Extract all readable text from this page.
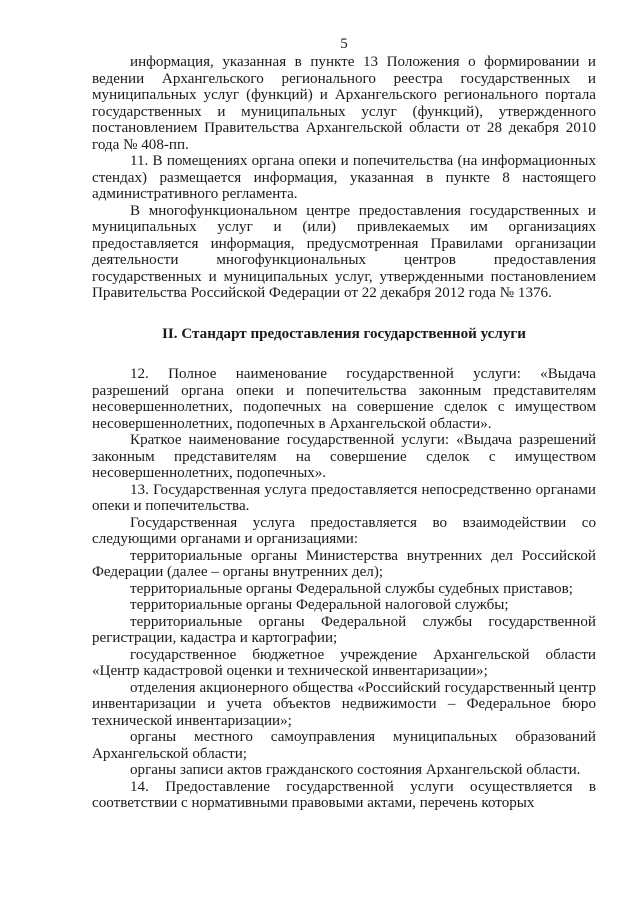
5

информация, указанная в пункте 13 Положения о формировании и ведении Архангельского регионального реестра государственных и муниципальных услуг (функций) и Архангельского регионального портала государственных и муниципальных услуг (функций), утвержденного постановлением Правительства Архангельской области от 28 декабря 2010 года № 408-пп.

11. В помещениях органа опеки и попечительства (на информационных стендах) размещается информация, указанная в пункте 8 настоящего административного регламента.

В многофункциональном центре предоставления государственных и муниципальных услуг и (или) привлекаемых им организациях предоставляется информация, предусмотренная Правилами организации деятельности многофункциональных центров предоставления государственных и муниципальных услуг, утвержденными постановлением Правительства Российской Федерации от 22 декабря 2012 года № 1376.

II. Стандарт предоставления государственной услуги

12. Полное наименование государственной услуги: «Выдача разрешений органа опеки и попечительства законным представителям несовершеннолетних, подопечных на совершение сделок с имуществом несовершеннолетних, подопечных в Архангельской области».

Краткое наименование государственной услуги: «Выдача разрешений законным представителям на совершение сделок с имуществом несовершеннолетних, подопечных».

13. Государственная услуга предоставляется непосредственно органами опеки и попечительства.

Государственная услуга предоставляется во взаимодействии со следующими органами и организациями:

территориальные органы Министерства внутренних дел Российской Федерации (далее – органы внутренних дел);

территориальные органы Федеральной службы судебных приставов;

территориальные органы Федеральной налоговой службы;

территориальные органы Федеральной службы государственной регистрации, кадастра и картографии;

государственное бюджетное учреждение Архангельской области «Центр кадастровой оценки и технической инвентаризации»;

отделения акционерного общества «Российский государственный центр инвентаризации и учета объектов недвижимости – Федеральное бюро технической инвентаризации»;

органы местного самоуправления муниципальных образований Архангельской области;

органы записи актов гражданского состояния Архангельской области.

14. Предоставление государственной услуги осуществляется в соответствии с нормативными правовыми актами, перечень которых
